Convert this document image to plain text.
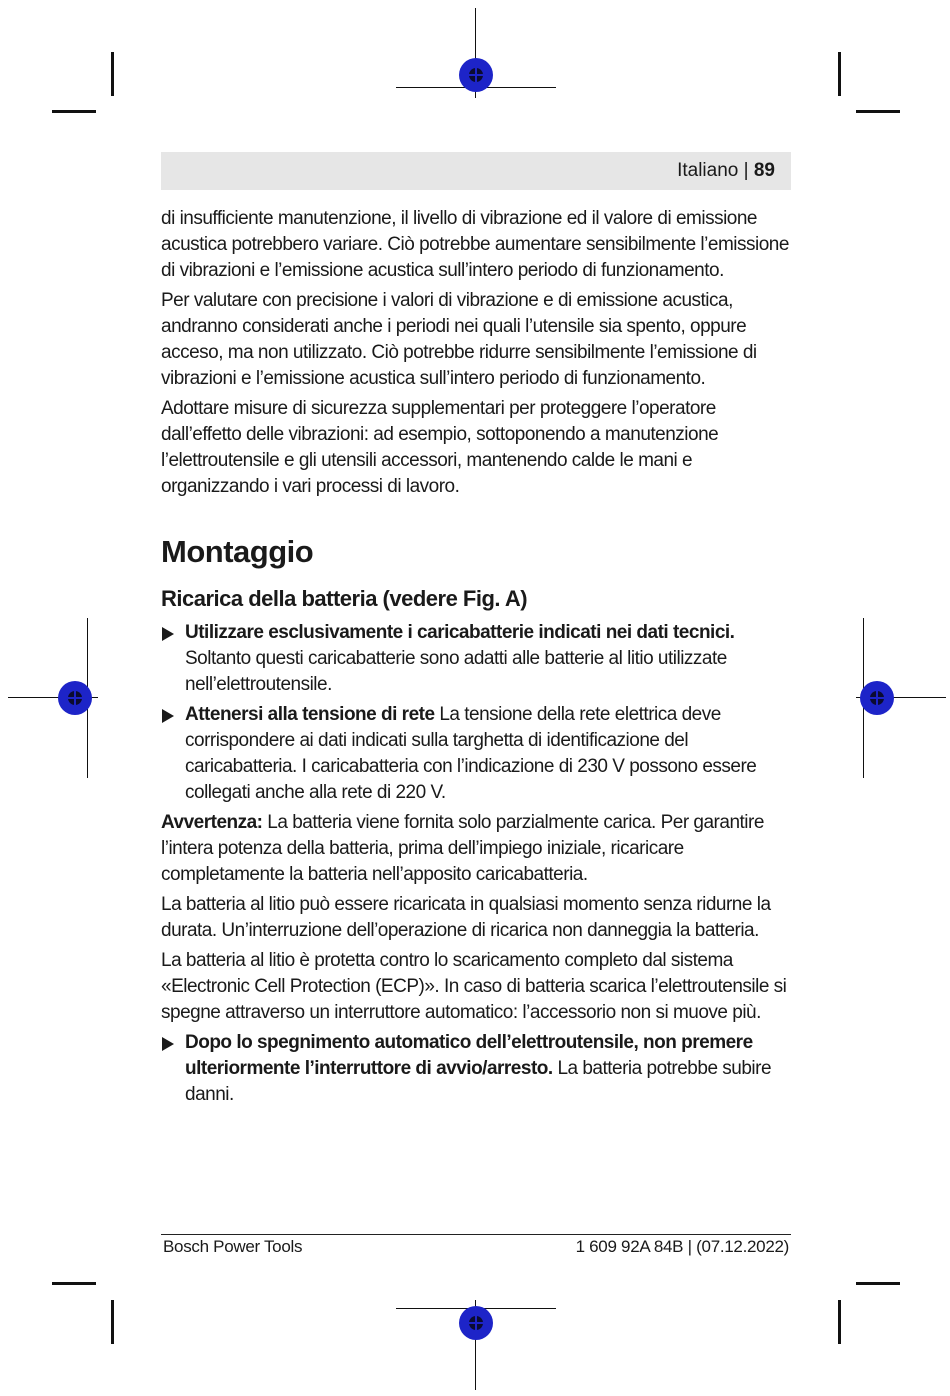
Italiano | 89

di insufficiente manutenzione, il livello di vibrazione ed il valore di emissione acustica potrebbero variare. Ciò potrebbe aumentare sensibilmente l’emissione di vibrazioni e l’emissione acustica sull’intero periodo di funzionamento.

Per valutare con precisione i valori di vibrazione e di emissione acustica, andranno considerati anche i periodi nei quali l’utensile sia spento, oppure acceso, ma non utilizzato. Ciò potrebbe ridurre sensibilmente l’emissione di vibrazioni e l’emissione acustica sull’intero periodo di funzionamento.

Adottare misure di sicurezza supplementari per proteggere l’operatore dall’effetto delle vibrazioni: ad esempio, sottoponendo a manutenzione l’elettroutensile e gli utensili accessori, mantenendo calde le mani e organizzando i vari processi di lavoro.

Montaggio
Ricarica della batteria (vedere Fig. A)
Utilizzare esclusivamente i caricabatterie indicati nei dati tecnici. Soltanto questi caricabatterie sono adatti alle batterie al litio utilizzate nell’elettroutensile.
Attenersi alla tensione di rete La tensione della rete elettrica deve corrispondere ai dati indicati sulla targhetta di identificazione del caricabatteria. I caricabatteria con l’indicazione di 230 V possono essere collegati anche alla rete di 220 V.

Avvertenza: La batteria viene fornita solo parzialmente carica. Per garantire l’intera potenza della batteria, prima dell’impiego iniziale, ricaricare completamente la batteria nell’apposito caricabatteria.

La batteria al litio può essere ricaricata in qualsiasi momento senza ridurne la durata. Un’interruzione dell’operazione di ricarica non danneggia la batteria.

La batteria al litio è protetta contro lo scaricamento completo dal sistema «Electronic Cell Protection (ECP)». In caso di batteria scarica l’elettroutensile si spegne attraverso un interruttore automatico: l’accessorio non si muove più.

Dopo lo spegnimento automatico dell’elettroutensile, non premere ulteriormente l’interruttore di avvio/arresto. La batteria potrebbe subire danni.
Bosch Power Tools	1 609 92A 84B | (07.12.2022)
